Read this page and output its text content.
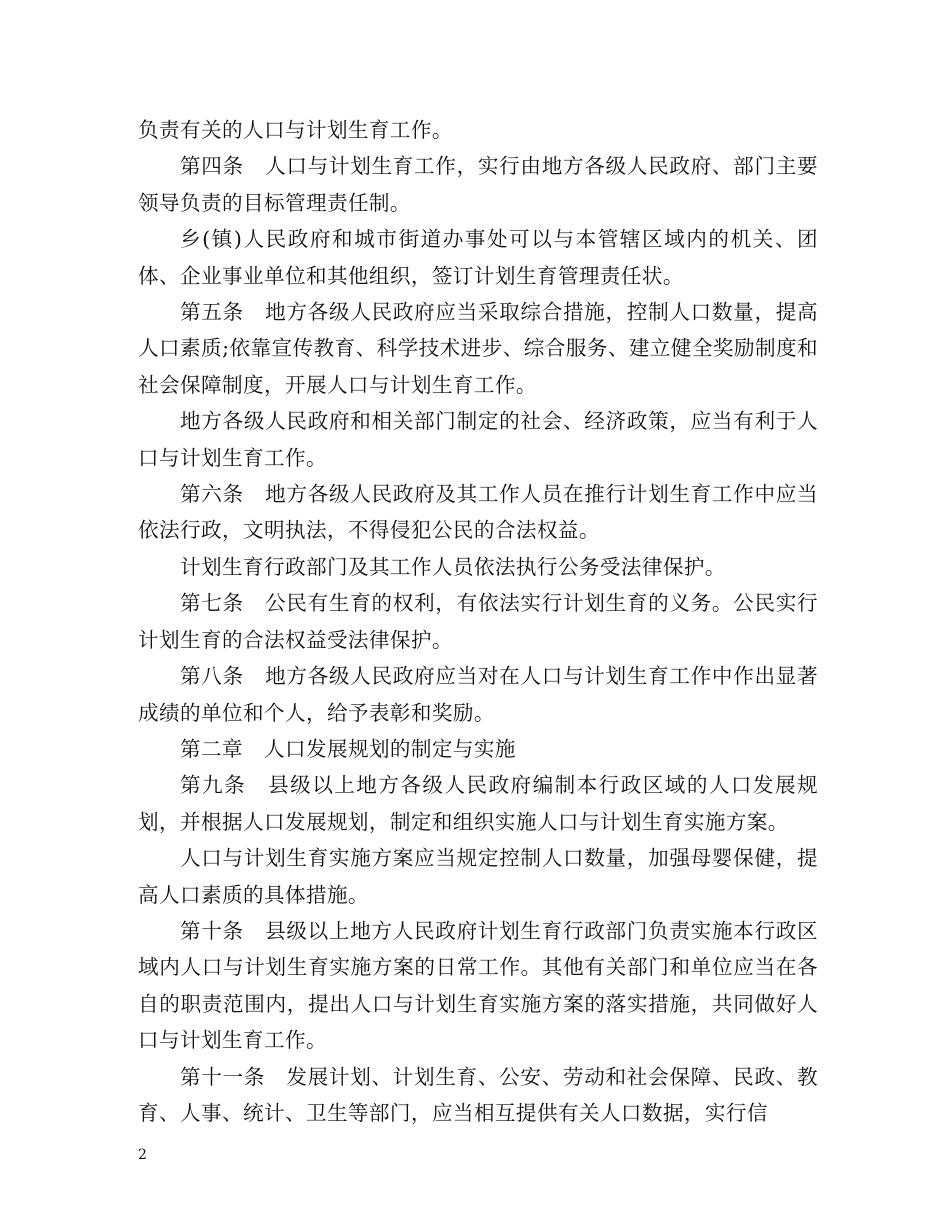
负责有关的人口与计划生育工作。

第四条　人口与计划生育工作，实行由地方各级人民政府、部门主要领导负责的目标管理责任制。

乡(镇)人民政府和城市街道办事处可以与本管辖区域内的机关、团体、企业事业单位和其他组织，签订计划生育管理责任状。

第五条　地方各级人民政府应当采取综合措施，控制人口数量，提高人口素质;依靠宣传教育、科学技术进步、综合服务、建立健全奖励制度和社会保障制度，开展人口与计划生育工作。

地方各级人民政府和相关部门制定的社会、经济政策，应当有利于人口与计划生育工作。

第六条　地方各级人民政府及其工作人员在推行计划生育工作中应当依法行政，文明执法，不得侵犯公民的合法权益。

计划生育行政部门及其工作人员依法执行公务受法律保护。

第七条　公民有生育的权利，有依法实行计划生育的义务。公民实行计划生育的合法权益受法律保护。

第八条　地方各级人民政府应当对在人口与计划生育工作中作出显著成绩的单位和个人，给予表彰和奖励。

第二章　人口发展规划的制定与实施

第九条　县级以上地方各级人民政府编制本行政区域的人口发展规划，并根据人口发展规划，制定和组织实施人口与计划生育实施方案。

人口与计划生育实施方案应当规定控制人口数量，加强母婴保健，提高人口素质的具体措施。

第十条　县级以上地方人民政府计划生育行政部门负责实施本行政区域内人口与计划生育实施方案的日常工作。其他有关部门和单位应当在各自的职责范围内，提出人口与计划生育实施方案的落实措施，共同做好人口与计划生育工作。

第十一条　发展计划、计划生育、公安、劳动和社会保障、民政、教育、人事、统计、卫生等部门，应当相互提供有关人口数据，实行信

2
